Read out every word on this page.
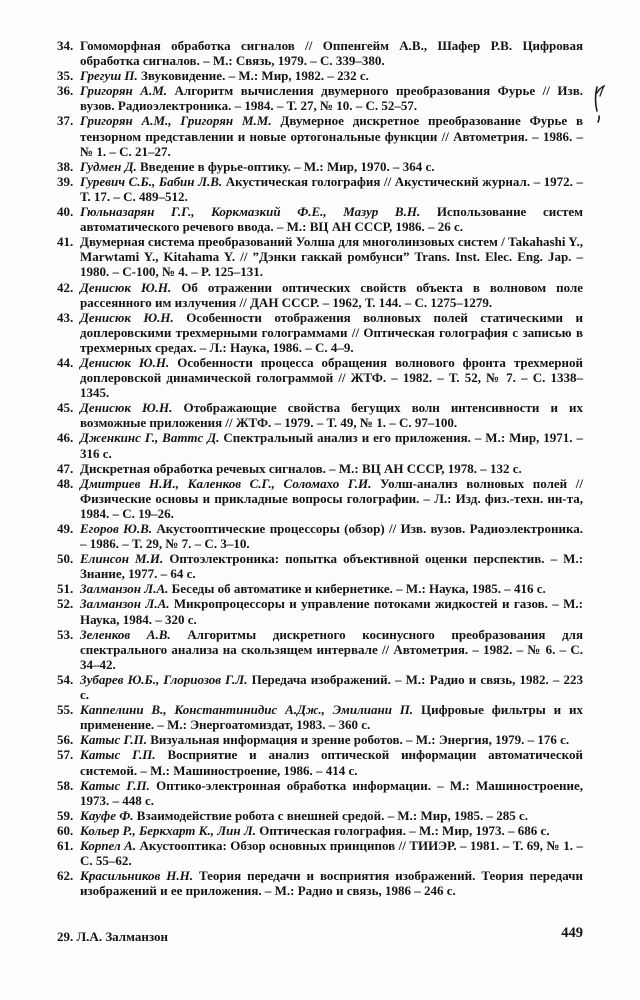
34. Гомоморфная обработка сигналов // Оппенгейм А.В., Шафер Р.В. Цифровая обработка сигналов. – М.: Связь, 1979. – С. 339–380.
35. Грегуш П. Звуковидение. – М.: Мир, 1982. – 232 с.
36. Григорян А.М. Алгоритм вычисления двумерного преобразования Фурье // Изв. вузов. Радиоэлектроника. – 1984. – Т. 27, № 10. – С. 52–57.
37. Григорян А.М., Григорян М.М. Двумерное дискретное преобразование Фурье в тензорном представлении и новые ортогональные функции // Автометрия. – 1986. – № 1. – С. 21–27.
38. Гудмен Д. Введение в фурье-оптику. – М.: Мир, 1970. – 364 с.
39. Гуревич С.Б., Бабин Л.В. Акустическая голография // Акустический журнал. – 1972. – Т. 17. – С. 489–512.
40. Гюльназарян Г.Г., Коркмазкий Ф.Е., Мазур В.Н. Использование систем автоматического речевого ввода. – М.: ВЦ АН СССР, 1986. – 26 с.
41. Двумерная система преобразований Уолша для многолинзовых систем / Takahashi Y., Marwtami Y., Kitahama Y. // ”Дэнки гаккай ромбунси” Trans. Inst. Elec. Eng. Jap. – 1980. – C-100, № 4. – P. 125–131.
42. Денисюк Ю.Н. Об отражении оптических свойств объекта в волновом поле рассеянного им излучения // ДАН СССР. – 1962, Т. 144. – С. 1275–1279.
43. Денисюк Ю.Н. Особенности отображения волновых полей статическими и доплеровскими трехмерными голограммами // Оптическая голография с записью в трехмерных средах. – Л.: Наука, 1986. – С. 4–9.
44. Денисюк Ю.Н. Особенности процесса обращения волнового фронта трехмерной доплеровской динамической голограммой // ЖТФ. – 1982. – Т. 52, № 7. – С. 1338–1345.
45. Денисюк Ю.Н. Отображающие свойства бегущих волн интенсивности и их возможные приложения // ЖТФ. – 1979. – Т. 49, № 1. – С. 97–100.
46. Дженкинс Г., Ваттс Д. Спектральный анализ и его приложения. – М.: Мир, 1971. – 316 с.
47. Дискретная обработка речевых сигналов. – М.: ВЦ АН СССР, 1978. – 132 с.
48. Дмитриев Н.И., Каленков С.Г., Соломахо Г.И. Уолш-анализ волновых полей // Физические основы и прикладные вопросы голографии. – Л.: Изд. физ.-техн. ин-та, 1984. – С. 19–26.
49. Егоров Ю.В. Акустооптические процессоры (обзор) // Изв. вузов. Радиоэлектроника. – 1986. – Т. 29, № 7. – С. 3–10.
50. Елинсон М.И. Оптоэлектроника: попытка объективной оценки перспектив. – М.: Знание, 1977. – 64 с.
51. Залманзон Л.А. Беседы об автоматике и кибернетике. – М.: Наука, 1985. – 416 с.
52. Залманзон Л.А. Микропроцессоры и управление потоками жидкостей и газов. – М.: Наука, 1984. – 320 с.
53. Зеленков А.В. Алгоритмы дискретного косинусного преобразования для спектрального анализа на скользящем интервале // Автометрия. – 1982. – № 6. – С. 34–42.
54. Зубарев Ю.Б., Глориозов Г.Л. Передача изображений. – М.: Радио и связь, 1982. – 223 с.
55. Каппелини В., Константинидис А.Дж., Эмилиани П. Цифровые фильтры и их применение. – М.: Энергоатомиздат, 1983. – 360 с.
56. Катыс Г.П. Визуальная информация и зрение роботов. – М.: Энергия, 1979. – 176 с.
57. Катыс Г.П. Восприятие и анализ оптической информации автоматической системой. – М.: Машиностроение, 1986. – 414 с.
58. Катыс Г.П. Оптико-электронная обработка информации. – М.: Машиностроение, 1973. – 448 с.
59. Кауфе Ф. Взаимодействие робота с внешней средой. – М.: Мир, 1985. – 285 с.
60. Кольер Р., Беркхарт К., Лин Л. Оптическая голография. – М.: Мир, 1973. – 686 с.
61. Корпел А. Акустооптика: Обзор основных принципов // ТИИЭР. – 1981. – Т. 69, № 1. – С. 55–62.
62. Красильников Н.Н. Теория передачи и восприятия изображений. Теория передачи изображений и ее приложения. – М.: Радио и связь, 1986 – 246 с.
29. Л.А. Залманзон	449
